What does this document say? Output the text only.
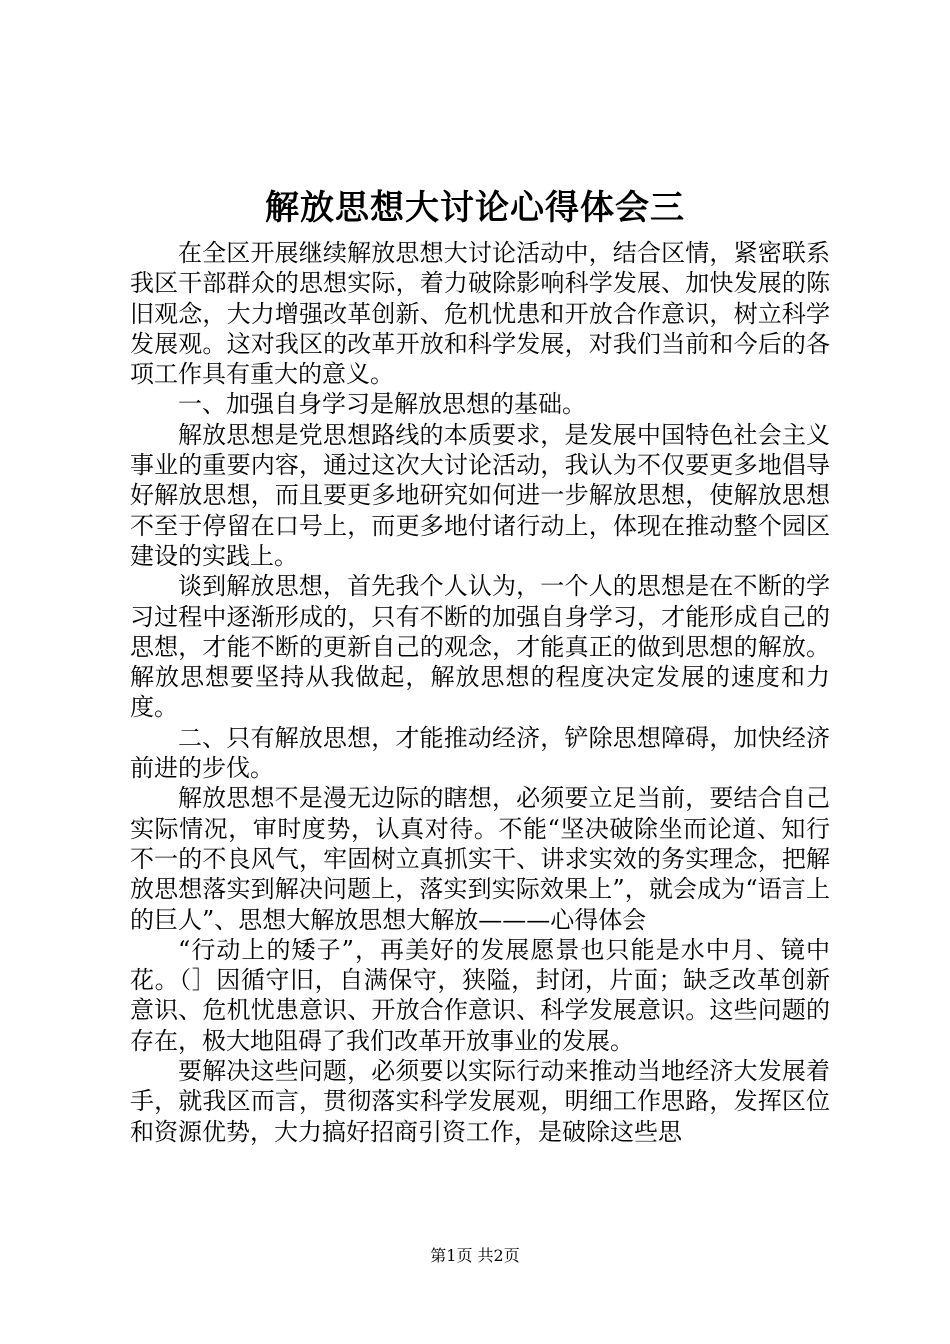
解放思想大讨论心得体会三

在全区开展继续解放思想大讨论活动中，结合区情，紧密联系我区干部群众的思想实际，着力破除影响科学发展、加快发展的陈旧观念，大力增强改革创新、危机忧患和开放合作意识，树立科学发展观。这对我区的改革开放和科学发展，对我们当前和今后的各项工作具有重大的意义。

一、加强自身学习是解放思想的基础。

解放思想是党思想路线的本质要求，是发展中国特色社会主义事业的重要内容，通过这次大讨论活动，我认为不仅要更多地倡导好解放思想，而且要更多地研究如何进一步解放思想，使解放思想不至于停留在口号上，而更多地付诸行动上，体现在推动整个园区建设的实践上。

谈到解放思想，首先我个人认为，一个人的思想是在不断的学习过程中逐渐形成的，只有不断的加强自身学习，才能形成自己的思想，才能不断的更新自己的观念，才能真正的做到思想的解放。解放思想要坚持从我做起，解放思想的程度决定发展的速度和力度。

二、只有解放思想，才能推动经济，铲除思想障碍，加快经济前进的步伐。

解放思想不是漫无边际的瞎想，必须要立足当前，要结合自己实际情况，审时度势，认真对待。不能“坚决破除坐而论道、知行不一的不良风气，牢固树立真抓实干、讲求实效的务实理念，把解放思想落实到解决问题上，落实到实际效果上”，就会成为“语言上的巨人”、思想大解放思想大解放———心得体会

“行动上的矮子”，再美好的发展愿景也只能是水中月、镜中花。（］因循守旧，自满保守，狭隘，封闭，片面；缺乏改革创新意识、危机忧患意识、开放合作意识、科学发展意识。这些问题的存在，极大地阻碍了我们改革开放事业的发展。

要解决这些问题，必须要以实际行动来推动当地经济大发展着手，就我区而言，贯彻落实科学发展观，明细工作思路，发挥区位和资源优势，大力搞好招商引资工作，是破除这些思

第1页 共2页
